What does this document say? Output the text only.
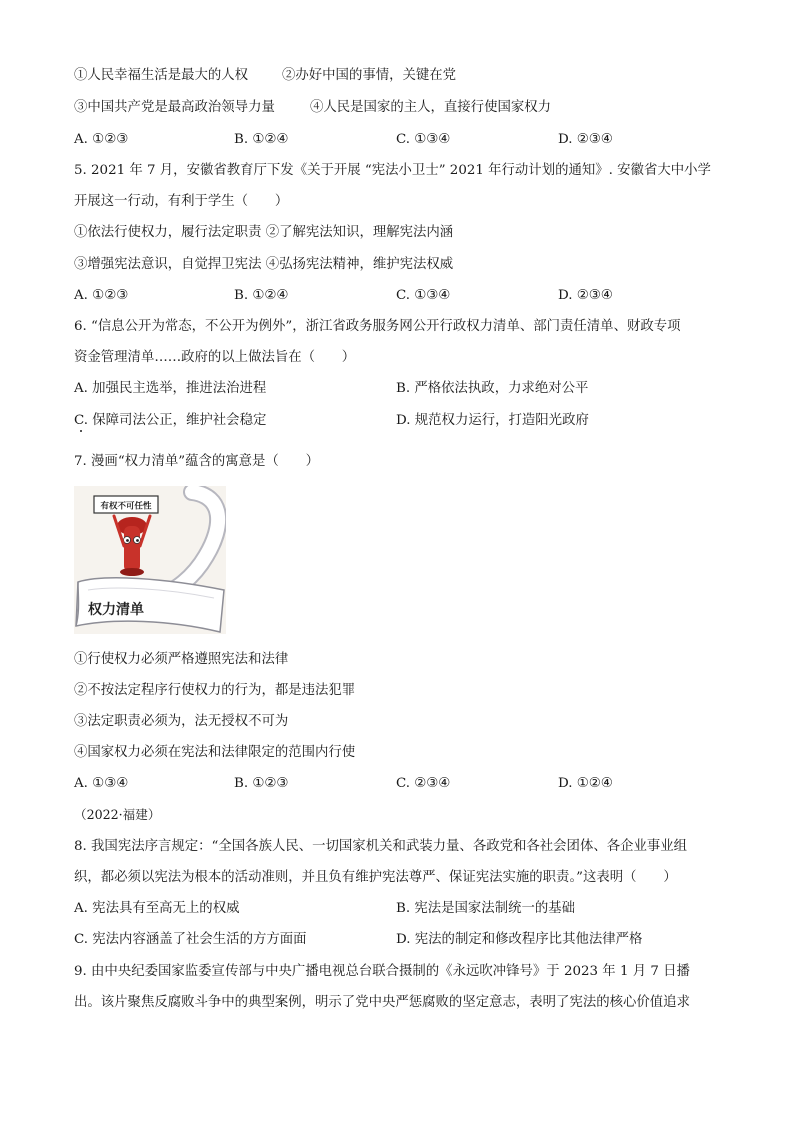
①人民幸福生活是最大的人权	②办好中国的事情，关键在党
③中国共产党是最高政治领导力量	④人民是国家的主人，直接行使国家权力
A. ①②③	B. ①②④	C. ①③④	D. ②③④
5. 2021 年 7 月，安徽省教育厅下发《关于开展 “宪法小卫士” 2021 年行动计划的通知》. 安徽省大中小学
开展这一行动，有利于学生（　　）
①依法行使权力，履行法定职责 ②了解宪法知识，理解宪法内涵
③增强宪法意识，自觉捍卫宪法 ④弘扬宪法精神，维护宪法权威
A. ①②③	B. ①②④	C. ①③④	D. ②③④
6. “信息公开为常态，不公开为例外”，浙江省政务服务网公开行政权力清单、部门责任清单、财政专项
资金管理清单……政府的以上做法旨在（　　）
A. 加强民主选举，推进法治进程	B. 严格依法执政，力求绝对公平
C. 保障司法公正，维护社会稳定	D. 规范权力运行，打造阳光政府
7. 漫画“权力清单”蕴含的寓意是（　　）
有权不可任性
权力清单
①行使权力必须严格遵照宪法和法律
②不按法定程序行使权力的行为，都是违法犯罪
③法定职责必须为，法无授权不可为
④国家权力必须在宪法和法律限定的范围内行使
A. ①③④	B. ①②③	C. ②③④	D. ①②④
（2022·福建）
8. 我国宪法序言规定：“全国各族人民、一切国家机关和武装力量、各政党和各社会团体、各企业事业组
织，都必须以宪法为根本的活动准则，并且负有维护宪法尊严、保证宪法实施的职责。”这表明（　　）
A. 宪法具有至高无上的权威	B. 宪法是国家法制统一的基础
C. 宪法内容涵盖了社会生活的方方面面	D. 宪法的制定和修改程序比其他法律严格
9. 由中央纪委国家监委宣传部与中央广播电视总台联合摄制的《永远吹冲锋号》于 2023 年 1 月 7 日播
出。该片聚焦反腐败斗争中的典型案例，明示了党中央严惩腐败的坚定意志，表明了宪法的核心价值追求
